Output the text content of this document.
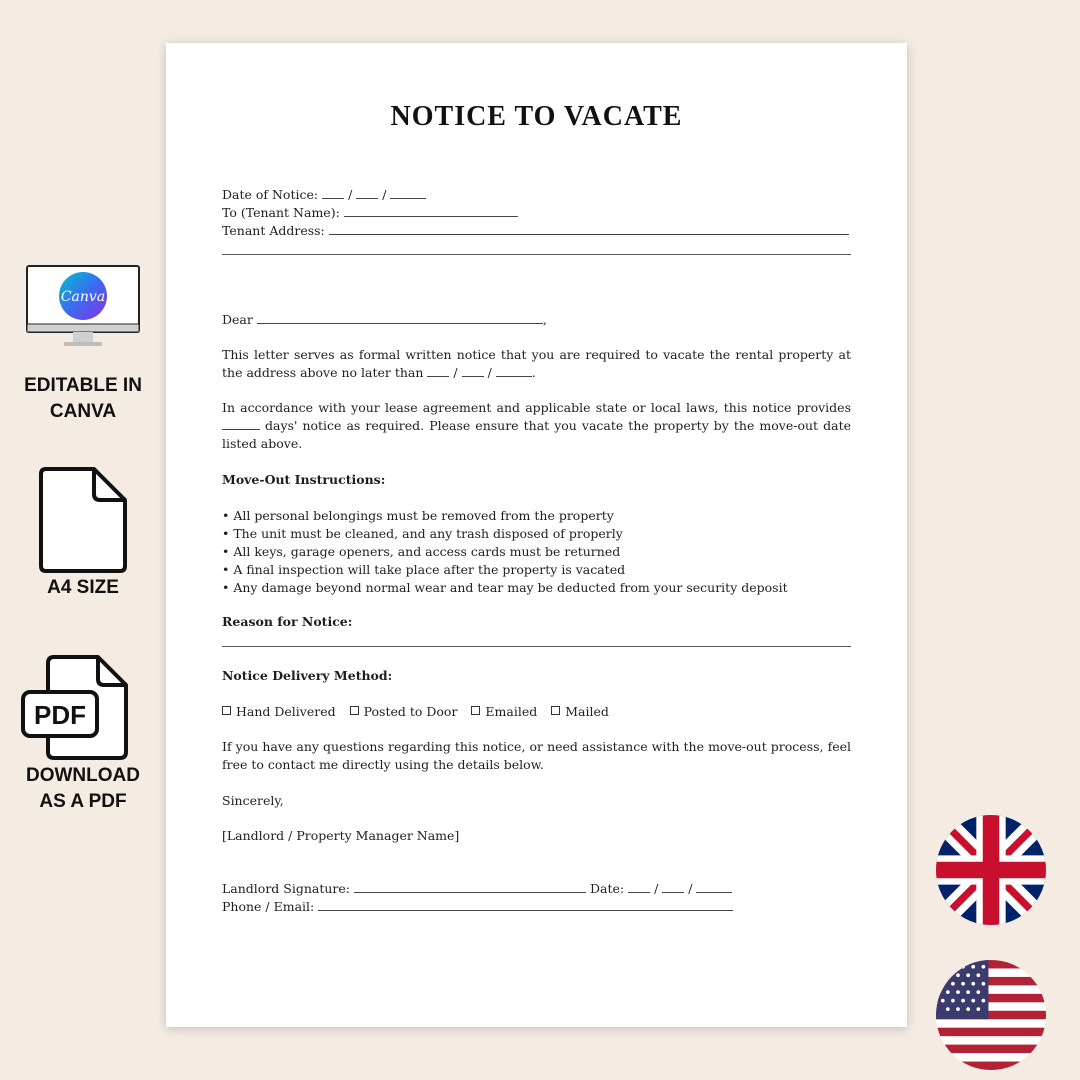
Canva
EDITABLE IN
CANVA
A4 SIZE
PDF
DOWNLOAD
AS A PDF
NOTICE TO VACATE
Date of Notice: / /
To (Tenant Name):
Tenant Address:
Dear	,
This letter serves as formal written notice that you are required to vacate the rental property at the address above no later than / /	.
In accordance with your lease agreement and applicable state or local laws, this notice provides  days' notice as required. Please ensure that you vacate the property by the move-out date listed above.
Move-Out Instructions:
• All personal belongings must be removed from the property
• The unit must be cleaned, and any trash disposed of properly
• All keys, garage openers, and access cards must be returned
• A final inspection will take place after the property is vacated
• Any damage beyond normal wear and tear may be deducted from your security deposit
Reason for Notice:
Notice Delivery Method:
Hand Delivered Posted to Door Emailed Mailed
If you have any questions regarding this notice, or need assistance with the move-out process, feel free to contact me directly using the details below.
Sincerely,
[Landlord / Property Manager Name]
Landlord Signature:	Date: / /
Phone / Email:
